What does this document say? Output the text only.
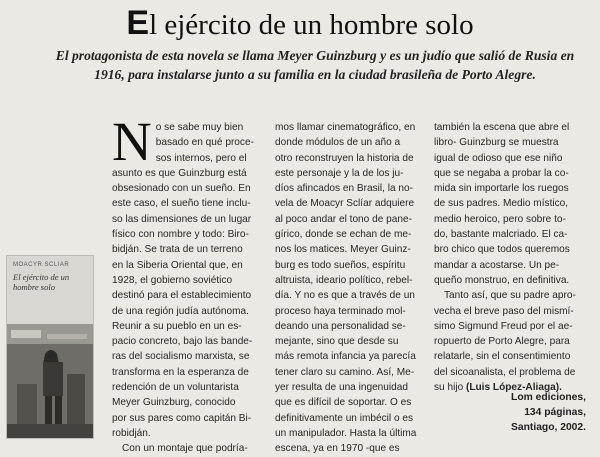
El ejército de un hombre solo
El protagonista de esta novela se llama Meyer Guinzburg y es un judío que salió de Rusia en 1916, para instalarse junto a su familia en la ciudad brasileña de Porto Alegre.
MOACYR SCLIAR
El ejército de un hombre solo
N o se sabe muy bien
basado en qué proce-
sos internos, pero el
asunto es que Guinzburg está
obsesionado con un sueño. En
este caso, el sueño tiene inclu-
so las dimensiones de un lugar
físico con nombre y todo: Biro-
bidján. Se trata de un terreno
en la Siberia Oriental que, en
1928, el gobierno soviético
destinó para el establecimiento
de una región judía autónoma.
Reunir a su pueblo en un es-
pacio concreto, bajo las bande-
ras del socialismo marxista, se
transforma en la esperanza de
redención de un voluntarista
Meyer Guinzburg, conocido
por sus pares como capitán Bi-
robidján.
Con un montaje que podría-
mos llamar cinematográfico, en
donde módulos de un año a
otro reconstruyen la historia de
este personaje y la de los ju-
díos afincados en Brasil, la no-
vela de Moacyr Sclíar adquiere
al poco andar el tono de pane-
gírico, donde se echan de me-
nos los matices. Meyer Guinz-
burg es todo sueños, espíritu
altruista, ideario político, rebel-
día. Y no es que a través de un
proceso haya terminado mol-
deando una personalidad se-
mejante, sino que desde su
más remota infancia ya parecía
tener claro su camino. Así, Me-
yer resulta de una ingenuidad
que es difícil de soportar. O es
definitivamente un imbécil o es
un manipulador. Hasta la última
escena, ya en 1970 -que es
también la escena que abre el
libro- Guinzburg se muestra
igual de odioso que ese niño
que se negaba a probar la co-
mida sin importarle los ruegos
de sus padres. Medio místico,
medio heroico, pero sobre to-
do, bastante malcriado. El ca-
bro chico que todos queremos
mandar a acostarse. Un pe-
queño monstruo, en definitiva.
Tanto así, que su padre apro-
vecha el breve paso del mismí-
simo Sigmund Freud por el ae-
ropuerto de Porto Alegre, para
relatarle, sin el consentimiento
del sicoanalista, el problema de
su hijo (Luis López-Aliaga).
Lom ediciones,
134 páginas,
Santiago, 2002.
